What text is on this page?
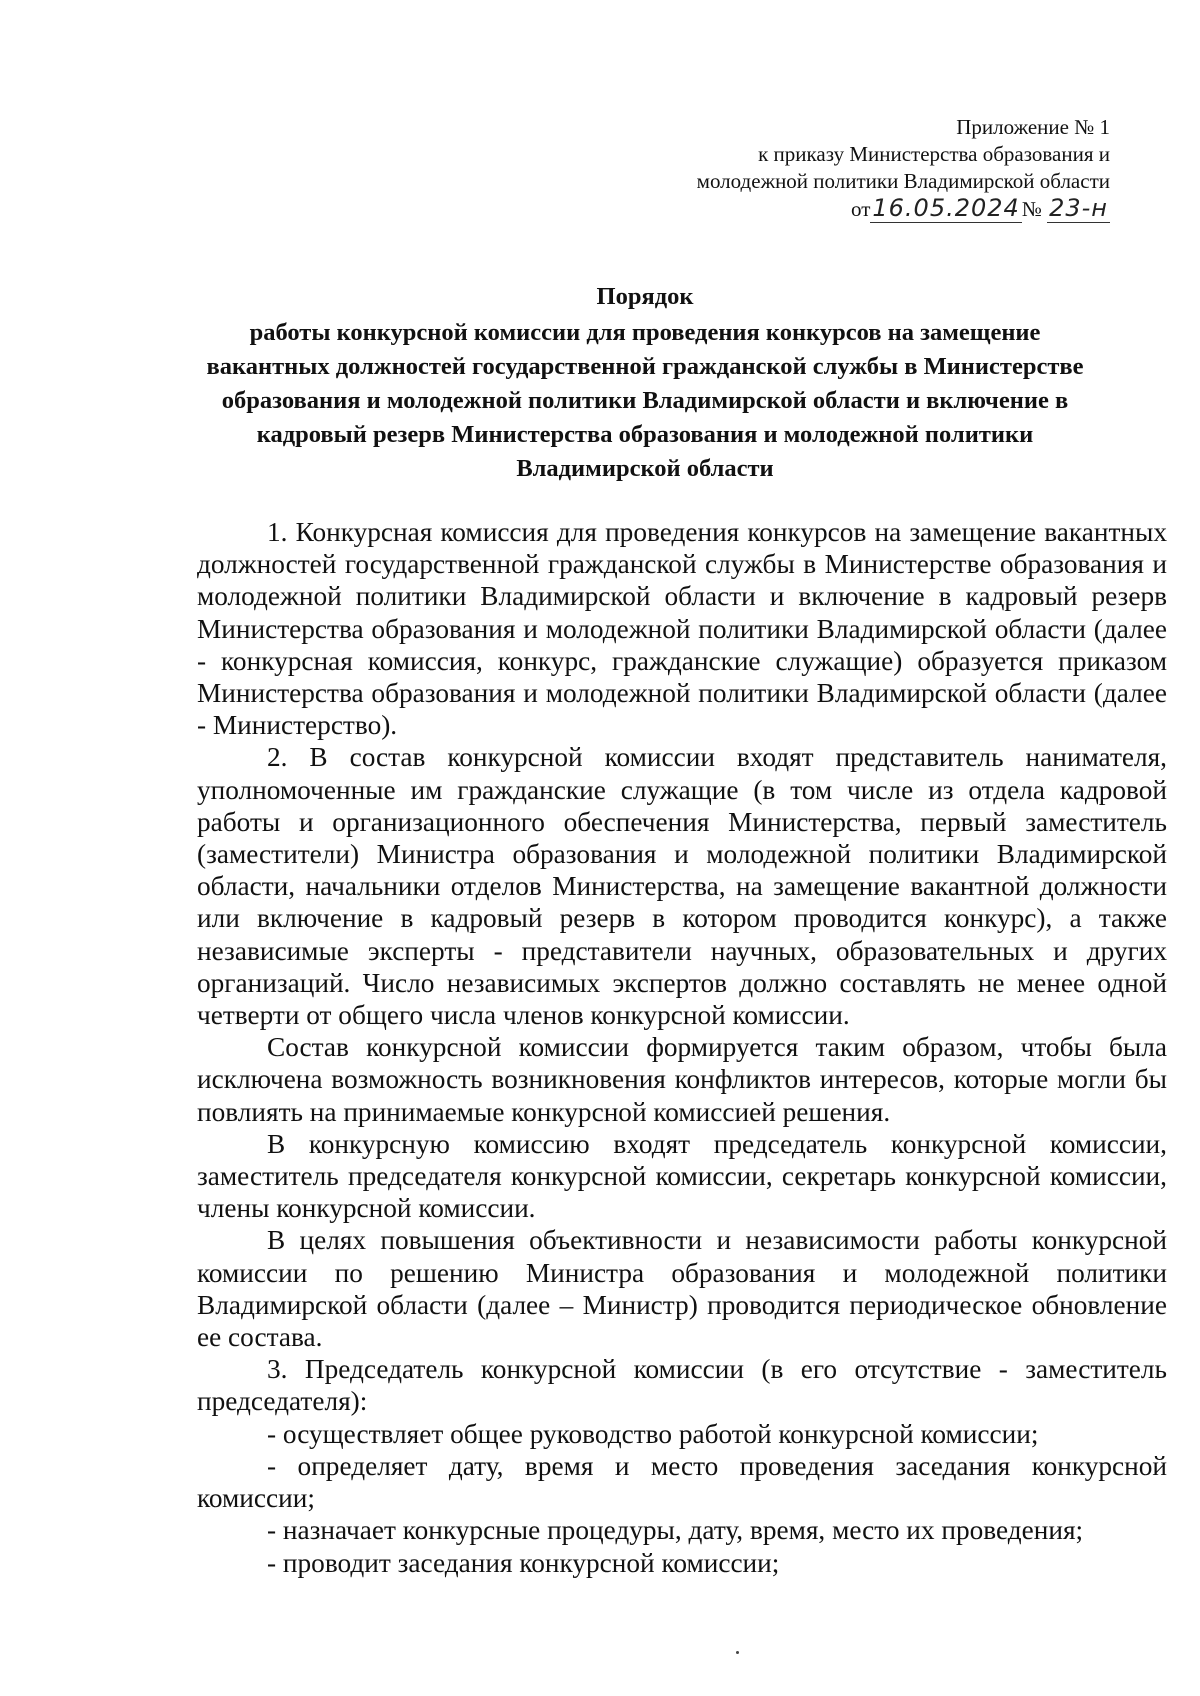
Приложение № 1
к приказу Министерства образования и
молодежной политики Владимирской области
от16.05.2024№ 23-н
Порядок
работы конкурсной комиссии для проведения конкурсов на замещение вакантных должностей государственной гражданской службы в Министерстве образования и молодежной политики Владимирской области и включение в кадровый резерв Министерства образования и молодежной политики Владимирской области

1. Конкурсная комиссия для проведения конкурсов на замещение вакантных должностей государственной гражданской службы в Министерстве образования и молодежной политики Владимирской области и включение в кадровый резерв Министерства образования и молодежной политики Владимирской области (далее - конкурсная комиссия, конкурс, гражданские служащие) образуется приказом Министерства образования и молодежной политики Владимирской области (далее - Министерство).

2. В состав конкурсной комиссии входят представитель нанимателя, уполномоченные им гражданские служащие (в том числе из отдела кадровой работы и организационного обеспечения Министерства, первый заместитель (заместители) Министра образования и молодежной политики Владимирской области, начальники отделов Министерства, на замещение вакантной должности или включение в кадровый резерв в котором проводится конкурс), а также независимые эксперты - представители научных, образовательных и других организаций. Число независимых экспертов должно составлять не менее одной четверти от общего числа членов конкурсной комиссии.

Состав конкурсной комиссии формируется таким образом, чтобы была исключена возможность возникновения конфликтов интересов, которые могли бы повлиять на принимаемые конкурсной комиссией решения.

В конкурсную комиссию входят председатель конкурсной комиссии, заместитель председателя конкурсной комиссии, секретарь конкурсной комиссии, члены конкурсной комиссии.

В целях повышения объективности и независимости работы конкурсной комиссии по решению Министра образования и молодежной политики Владимирской области (далее – Министр) проводится периодическое обновление ее состава.

3. Председатель конкурсной комиссии (в его отсутствие - заместитель председателя):

- осуществляет общее руководство работой конкурсной комиссии;

- определяет дату, время и место проведения заседания конкурсной комиссии;

- назначает конкурсные процедуры, дату, время, место их проведения;

- проводит заседания конкурсной комиссии;
